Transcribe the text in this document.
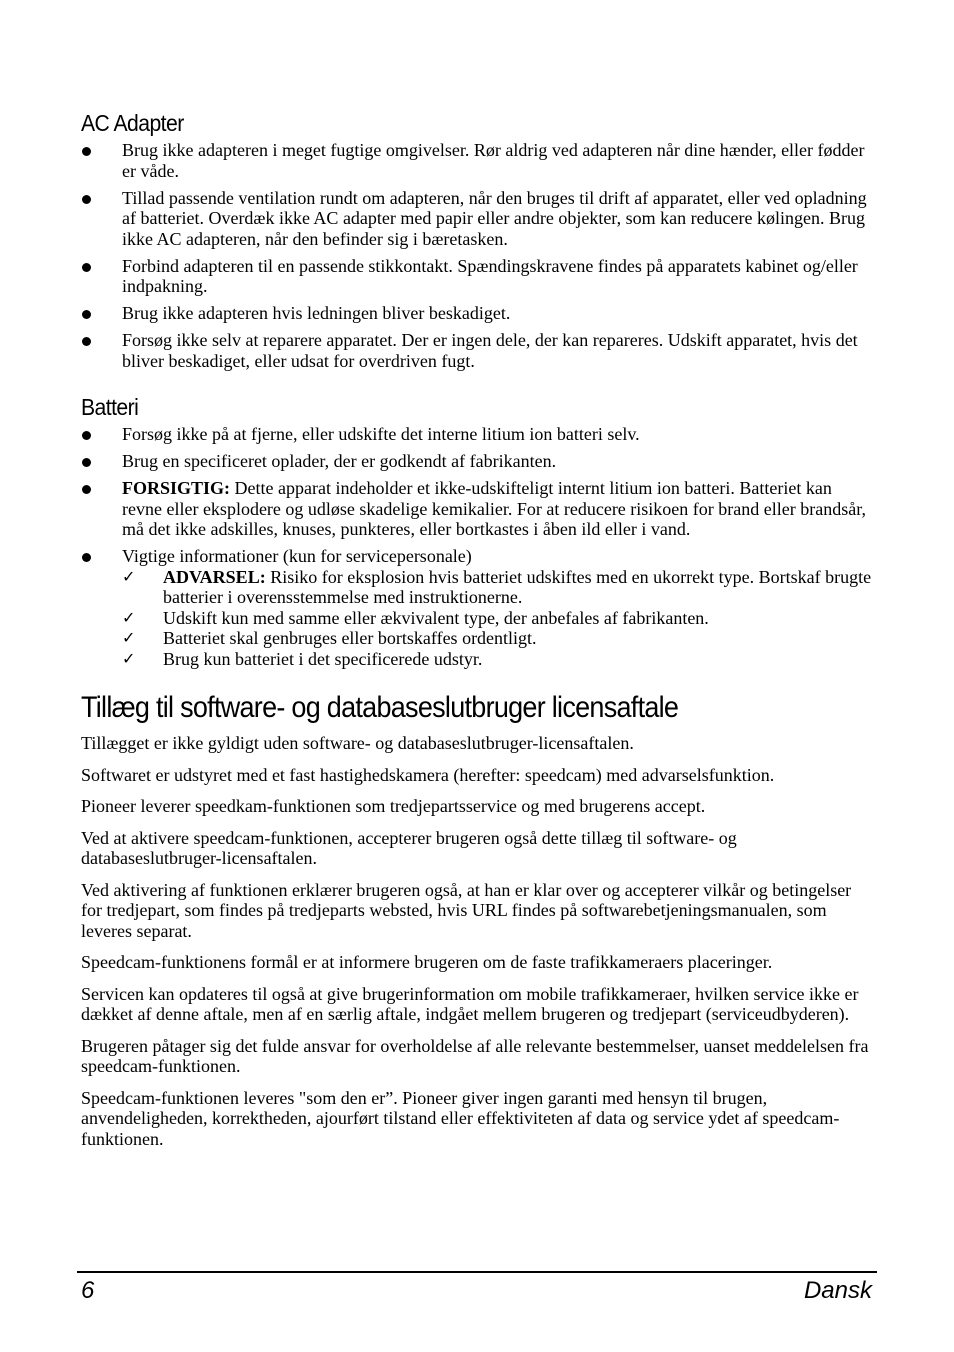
AC Adapter
Brug ikke adapteren i meget fugtige omgivelser. Rør aldrig ved adapteren når dine hænder, eller fødder er våde.
Tillad passende ventilation rundt om adapteren, når den bruges til drift af apparatet, eller ved opladning af batteriet. Overdæk ikke AC adapter med papir eller andre objekter, som kan reducere kølingen. Brug ikke AC adapteren, når den befinder sig i bæretasken.
Forbind adapteren til en passende stikkontakt. Spændingskravene findes på apparatets kabinet og/eller indpakning.
Brug ikke adapteren hvis ledningen bliver beskadiget.
Forsøg ikke selv at reparere apparatet. Der er ingen dele, der kan repareres. Udskift apparatet, hvis det bliver beskadiget, eller udsat for overdriven fugt.
Batteri
Forsøg ikke på at fjerne, eller udskifte det interne litium ion batteri selv.
Brug en specificeret oplader, der er godkendt af fabrikanten.
FORSIGTIG: Dette apparat indeholder et ikke-udskifteligt internt litium ion batteri. Batteriet kan revne eller eksplodere og udløse skadelige kemikalier. For at reducere risikoen for brand eller brandsår, må det ikke adskilles, knuses, punkteres, eller bortkastes i åben ild eller i vand.
Vigtige informationer (kun for servicepersonale)
✓ ADVARSEL: Risiko for eksplosion hvis batteriet udskiftes med en ukorrekt type. Bortskaf brugte batterier i overensstemmelse med instruktionerne.
✓ Udskift kun med samme eller ækvivalent type, der anbefales af fabrikanten.
✓ Batteriet skal genbruges eller bortskaffes ordentligt.
✓ Brug kun batteriet i det specificerede udstyr.
Tillæg til software- og databaseslutbruger licensaftale

Tillægget er ikke gyldigt uden software- og databaseslutbruger-licensaftalen.

Softwaret er udstyret med et fast hastighedskamera (herefter: speedcam) med advarselsfunktion.

Pioneer leverer speedkam-funktionen som tredjepartsservice og med brugerens accept.

Ved at aktivere speedcam-funktionen, accepterer brugeren også dette tillæg til software- og databaseslutbruger-licensaftalen.

Ved aktivering af funktionen erklærer brugeren også, at han er klar over og accepterer vilkår og betingelser for tredjepart, som findes på tredjeparts websted, hvis URL findes på softwarebetjeningsmanualen, som leveres separat.

Speedcam-funktionens formål er at informere brugeren om de faste trafikkameraers placeringer.

Servicen kan opdateres til også at give brugerinformation om mobile trafikkameraer, hvilken service ikke er dækket af denne aftale, men af en særlig aftale, indgået mellem brugeren og tredjepart (serviceudbyderen).

Brugeren påtager sig det fulde ansvar for overholdelse af alle relevante bestemmelser, uanset meddelelsen fra speedcam-funktionen.

Speedcam-funktionen leveres "som den er”. Pioneer giver ingen garanti med hensyn til brugen, anvendeligheden, korrektheden, ajourført tilstand eller effektiviteten af data og service ydet af speedcam-funktionen.

6	Dansk
